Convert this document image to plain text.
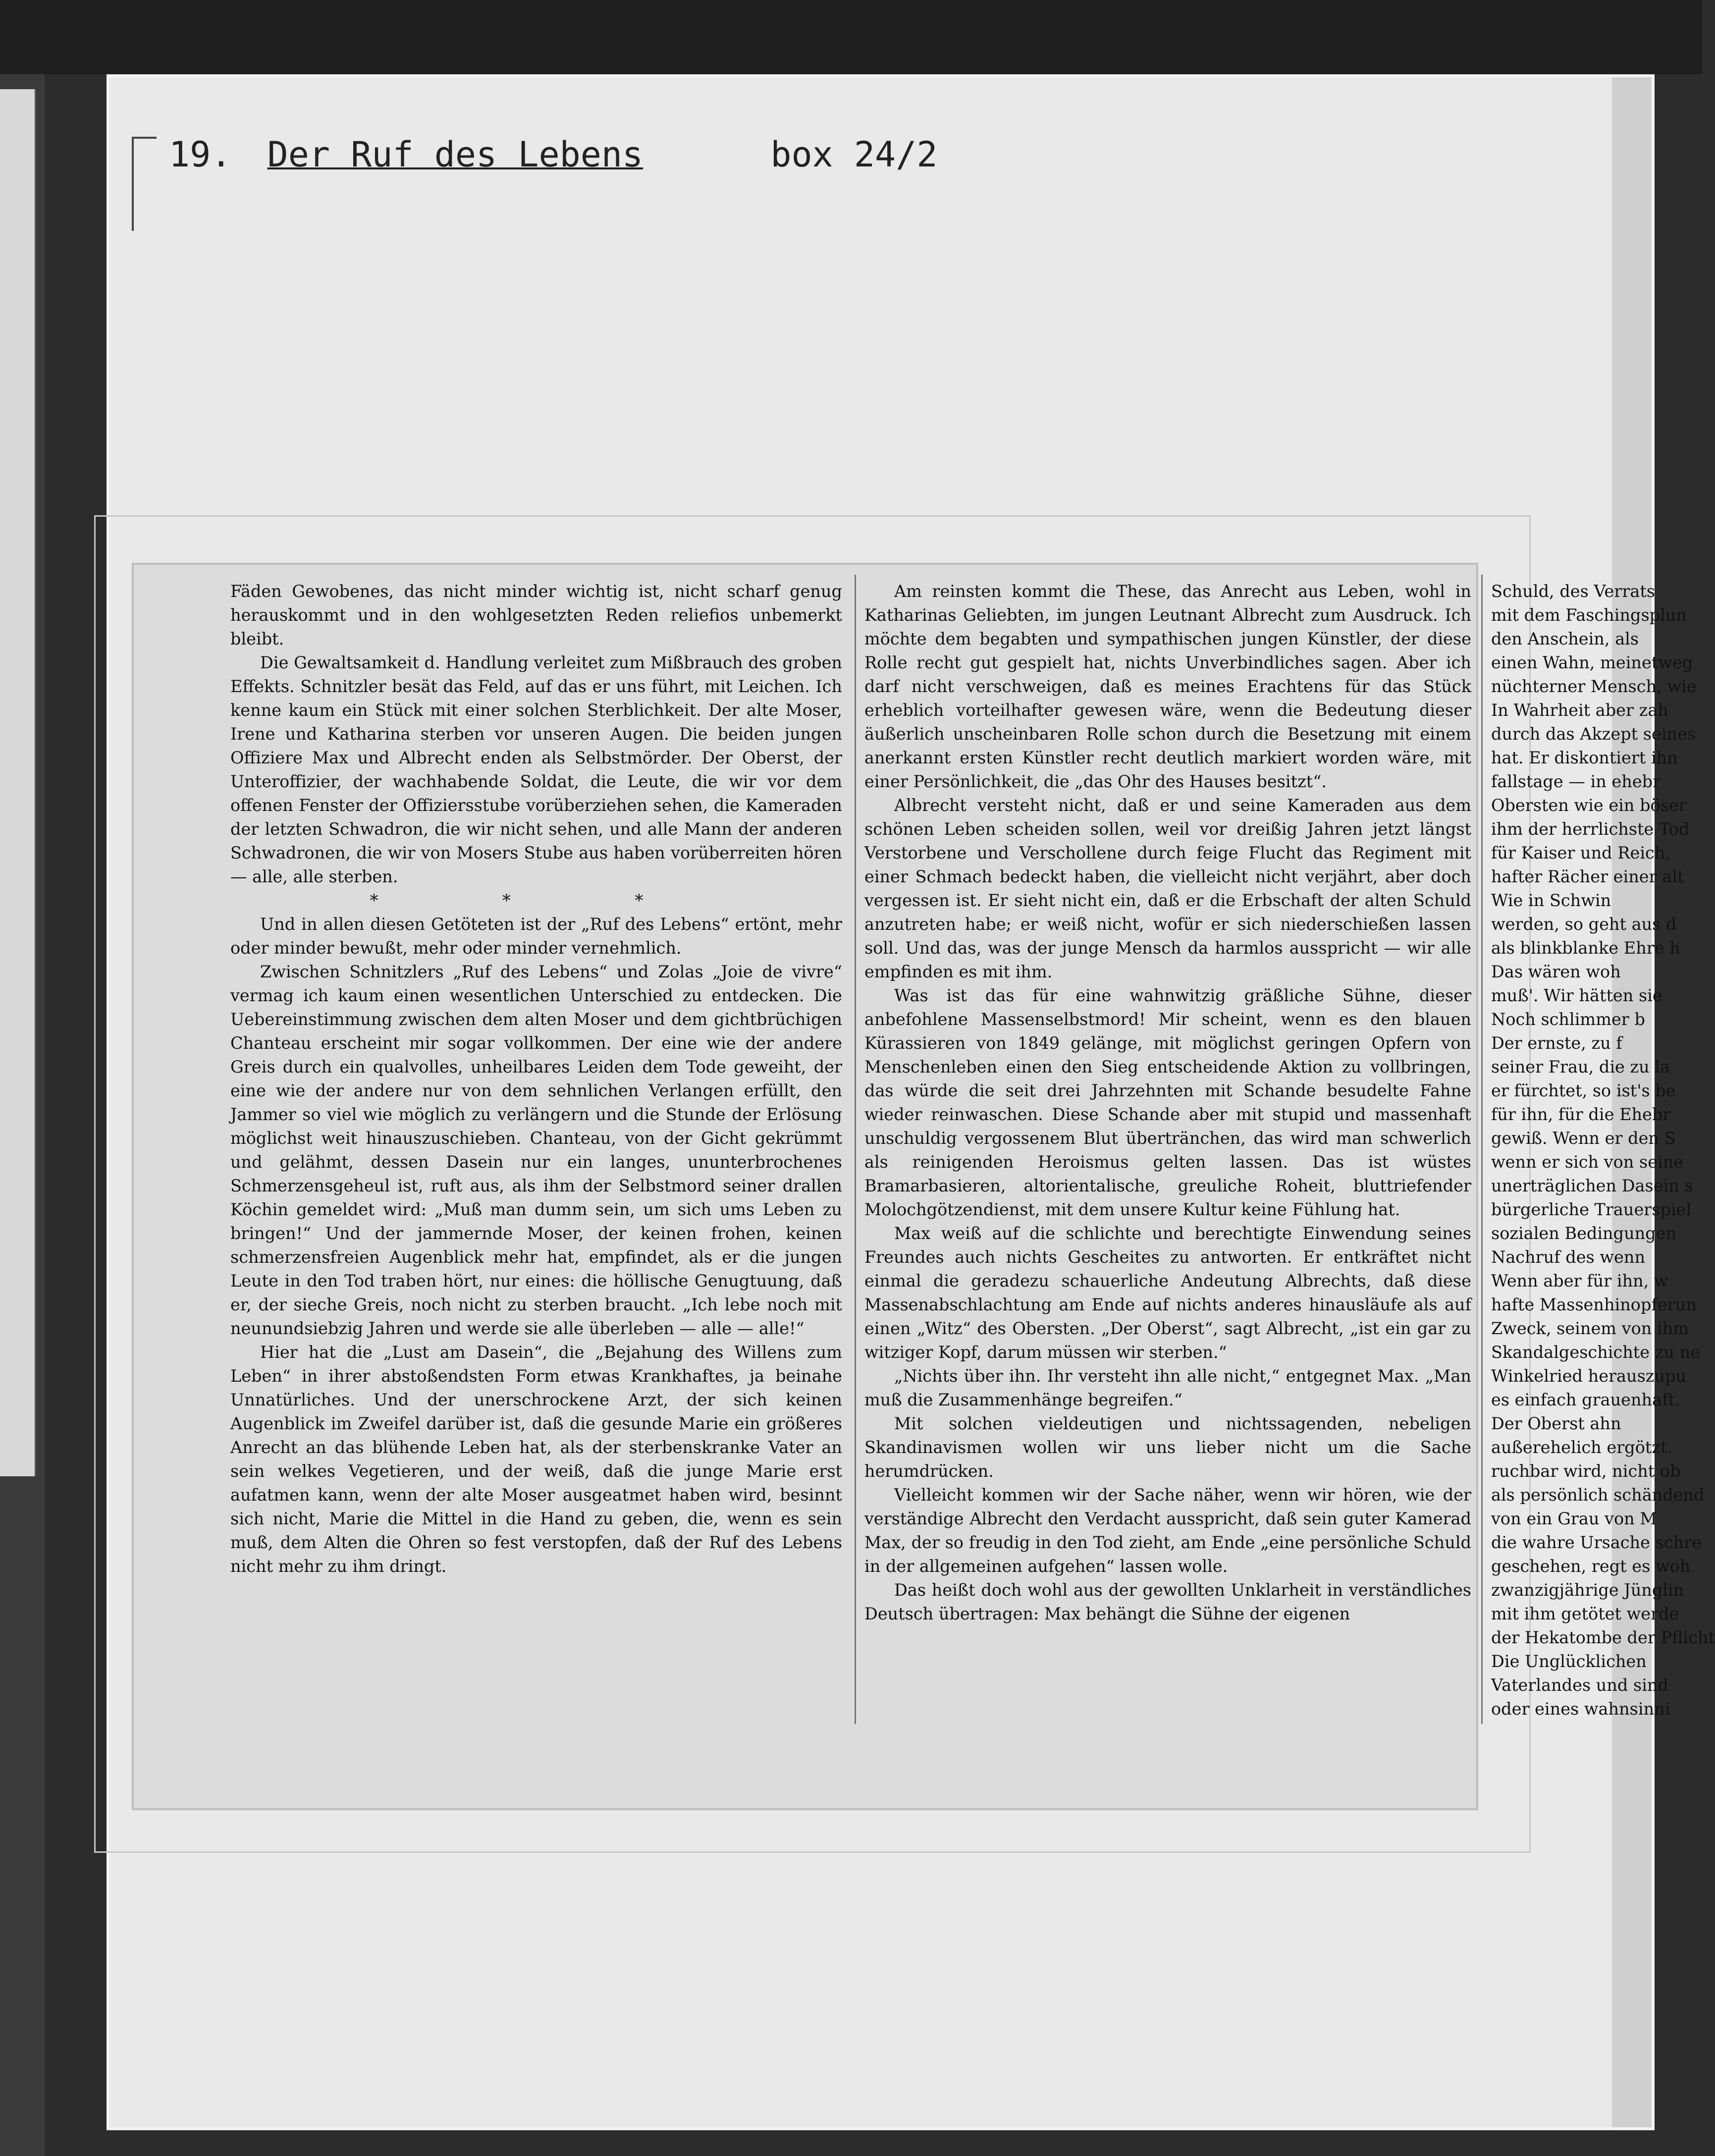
19. Der Ruf des Lebens	box 24/2

Fäden Gewobenes, das nicht minder wichtig ist, nicht scharf genug herauskommt und in den wohlgesetzten Reden reliefios unbemerkt bleibt.

Die Gewaltsamkeit d. Handlung verleitet zum Mißbrauch des groben Effekts. Schnitzler besät das Feld, auf das er uns führt, mit Leichen. Ich kenne kaum ein Stück mit einer solchen Sterblichkeit. Der alte Moser, Irene und Katharina sterben vor unseren Augen. Die beiden jungen Offiziere Max und Albrecht enden als Selbstmörder. Der Oberst, der Unteroffizier, der wachhabende Soldat, die Leute, die wir vor dem offenen Fenster der Offiziersstube vorüberziehen sehen, die Kameraden der letzten Schwadron, die wir nicht sehen, und alle Mann der anderen Schwadronen, die wir von Mosers Stube aus haben vorüberreiten hören — alle, alle sterben.

* * *

Und in allen diesen Getöteten ist der „Ruf des Lebens“ ertönt, mehr oder minder bewußt, mehr oder minder vernehmlich.

Zwischen Schnitzlers „Ruf des Lebens“ und Zolas „Joie de vivre“ vermag ich kaum einen wesentlichen Unterschied zu entdecken. Die Uebereinstimmung zwischen dem alten Moser und dem gichtbrüchigen Chanteau erscheint mir sogar vollkommen. Der eine wie der andere Greis durch ein qualvolles, unheilbares Leiden dem Tode geweiht, der eine wie der andere nur von dem sehnlichen Verlangen erfüllt, den Jammer so viel wie möglich zu verlängern und die Stunde der Erlösung möglichst weit hinauszuschieben. Chanteau, von der Gicht gekrümmt und gelähmt, dessen Dasein nur ein langes, ununterbrochenes Schmerzensgeheul ist, ruft aus, als ihm der Selbstmord seiner drallen Köchin gemeldet wird: „Muß man dumm sein, um sich ums Leben zu bringen!“ Und der jammernde Moser, der keinen frohen, keinen schmerzensfreien Augenblick mehr hat, empfindet, als er die jungen Leute in den Tod traben hört, nur eines: die höllische Genugtuung, daß er, der sieche Greis, noch nicht zu sterben braucht. „Ich lebe noch mit neunundsiebzig Jahren und werde sie alle überleben — alle — alle!“

Hier hat die „Lust am Dasein“, die „Bejahung des Willens zum Leben“ in ihrer abstoßendsten Form etwas Krankhaftes, ja beinahe Unnatürliches. Und der unerschrockene Arzt, der sich keinen Augenblick im Zweifel darüber ist, daß die gesunde Marie ein größeres Anrecht an das blühende Leben hat, als der sterbenskranke Vater an sein welkes Vegetieren, und der weiß, daß die junge Marie erst aufatmen kann, wenn der alte Moser ausgeatmet haben wird, besinnt sich nicht, Marie die Mittel in die Hand zu geben, die, wenn es sein muß, dem Alten die Ohren so fest verstopfen, daß der Ruf des Lebens nicht mehr zu ihm dringt.

Am reinsten kommt die These, das Anrecht aus Leben, wohl in Katharinas Geliebten, im jungen Leutnant Albrecht zum Ausdruck. Ich möchte dem begabten und sympathischen jungen Künstler, der diese Rolle recht gut gespielt hat, nichts Unverbindliches sagen. Aber ich darf nicht verschweigen, daß es meines Erachtens für das Stück erheblich vorteilhafter gewesen wäre, wenn die Bedeutung dieser äußerlich unscheinbaren Rolle schon durch die Besetzung mit einem anerkannt ersten Künstler recht deutlich markiert worden wäre, mit einer Persönlichkeit, die „das Ohr des Hauses besitzt“.

Albrecht versteht nicht, daß er und seine Kameraden aus dem schönen Leben scheiden sollen, weil vor dreißig Jahren jetzt längst Verstorbene und Verschollene durch feige Flucht das Regiment mit einer Schmach bedeckt haben, die vielleicht nicht verjährt, aber doch vergessen ist. Er sieht nicht ein, daß er die Erbschaft der alten Schuld anzutreten habe; er weiß nicht, wofür er sich niederschießen lassen soll. Und das, was der junge Mensch da harmlos ausspricht — wir alle empfinden es mit ihm.

Was ist das für eine wahnwitzig gräßliche Sühne, dieser anbefohlene Massenselbstmord! Mir scheint, wenn es den blauen Kürassieren von 1849 gelänge, mit möglichst geringen Opfern von Menschenleben einen den Sieg entscheidende Aktion zu vollbringen, das würde die seit drei Jahrzehnten mit Schande besudelte Fahne wieder reinwaschen. Diese Schande aber mit stupid und massenhaft unschuldig vergossenem Blut übertränchen, das wird man schwerlich als reinigenden Heroismus gelten lassen. Das ist wüstes Bramarbasieren, altorientalische, greuliche Roheit, bluttriefender Molochgötzendienst, mit dem unsere Kultur keine Fühlung hat.

Max weiß auf die schlichte und berechtigte Einwendung seines Freundes auch nichts Gescheites zu antworten. Er entkräftet nicht einmal die geradezu schauerliche Andeutung Albrechts, daß diese Massenabschlachtung am Ende auf nichts anderes hinausläufe als auf einen „Witz“ des Obersten. „Der Oberst“, sagt Albrecht, „ist ein gar zu witziger Kopf, darum müssen wir sterben.“

„Nichts über ihn. Ihr versteht ihn alle nicht,“ entgegnet Max. „Man muß die Zusammenhänge begreifen.“

Mit solchen vieldeutigen und nichtssagenden, nebeligen Skandinavismen wollen wir uns lieber nicht um die Sache herumdrücken.

Vielleicht kommen wir der Sache näher, wenn wir hören, wie der verständige Albrecht den Verdacht ausspricht, daß sein guter Kamerad Max, der so freudig in den Tod zieht, am Ende „eine persönliche Schuld in der allgemeinen aufgehen“ lassen wolle.

Das heißt doch wohl aus der gewollten Unklarheit in verständliches Deutsch übertragen: Max behängt die Sühne der eigenen

Schuld, des Verrats
mit dem Faschingsplun
den Anschein, als
einen Wahn, meinetweg
nüchterner Mensch, wie
In Wahrheit aber zah
durch das Akzept seines
hat. Er diskontiert ihn
fallstage — in ehebr
Obersten wie ein böser
ihm der herrlichste Tod
für Kaiser und Reich,
hafter Rächer einer alt
Wie in Schwin
werden, so geht aus d
als blinkblanke Ehre h
Das wären woh
muß'. Wir hätten sie
Noch schlimmer b
Der ernste, zu f
seiner Frau, die zu la
er fürchtet, so ist's be
für ihn, für die Ehebr
gewiß. Wenn er den S
wenn er sich von seine
unerträglichen Dasein s
bürgerliche Trauerspiel
sozialen Bedingungen
Nachruf des wenn
Wenn aber für ihn, w
hafte Massenhinopferun
Zweck, seinem von ihm
Skandalgeschichte zu ne
Winkelried herauszupu
es einfach grauenhaft.
Der Oberst ahn
außerehelich ergötzt.
ruchbar wird, nicht ob
als persönlich schändend
von ein Grau von M
die wahre Ursache schre
geschehen, regt es woh
zwanzigjährige Jünglin
mit ihm getötet werde
der Hekatombe der Pflicht
Die Unglücklichen
Vaterlandes und sind
oder eines wahnsinni
